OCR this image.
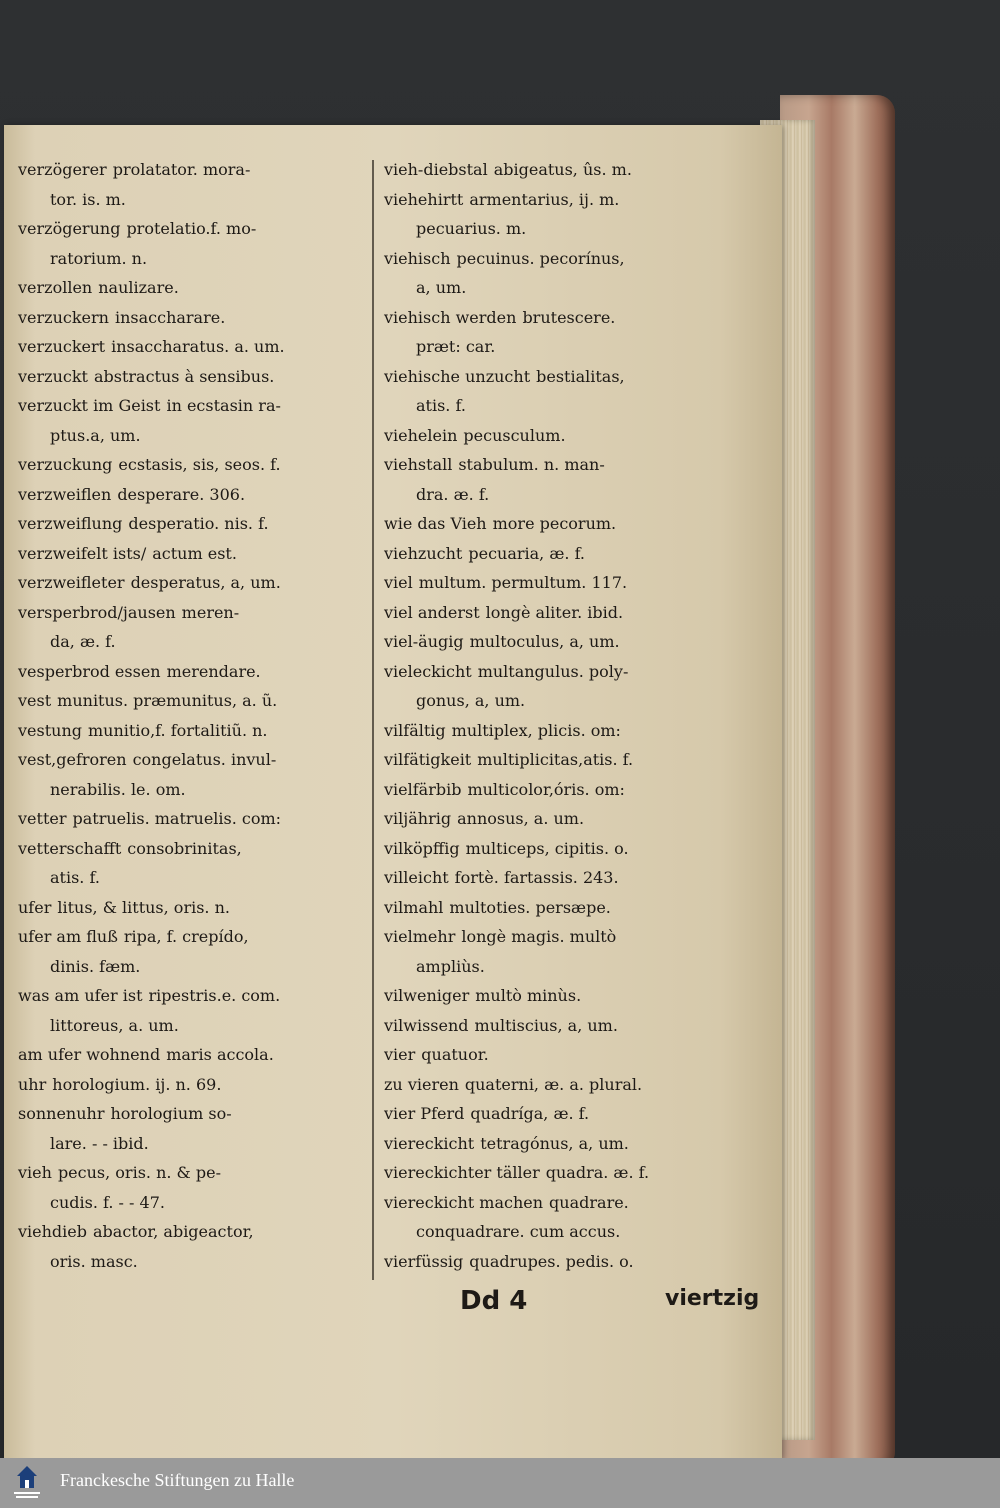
verzögerer prolatator. mora-
tor. is. m.
verzögerung protelatio.f. mo-
ratorium. n.
verzollen naulizare.
verzuckern insaccharare.
verzuckert insaccharatus. a. um.
verzuckt abstractus à sensibus.
verzuckt im Geist in ecstasin ra-
ptus.a, um.
verzuckung ecstasis, sis, seos. f.
verzweiflen desperare. 306.
verzweiflung desperatio. nis. f.
verzweifelt ists/ actum est.
verzweifleter desperatus, a, um.
versperbrod/jausen meren-
da, æ. f.
vesperbrod essen merendare.
vest munitus. præmunitus, a. ũ.
vestung munitio,f. fortalitiũ. n.
vest,gefroren congelatus. invul-
nerabilis. le. om.
vetter patruelis. matruelis. com:
vetterschafft consobrinitas,
atis. f.
ufer litus, & littus, oris. n.
ufer am fluß ripa, f. crepído,
dinis. fæm.
was am ufer ist ripestris.e. com.
littoreus, a. um.
am ufer wohnend maris accola.
uhr horologium. ij. n. 69.
sonnenuhr horologium so-
lare. - - ibid.
vieh pecus, oris. n. & pe-
cudis. f. - - 47.
viehdieb abactor, abigeactor,
oris. masc.
vieh-diebstal abigeatus, ûs. m.
viehehirtt armentarius, ij. m.
pecuarius. m.
viehisch pecuinus. pecorínus,
a, um.
viehisch werden brutescere.
præt: car.
viehische unzucht bestialitas,
atis. f.
viehelein pecusculum.
viehstall stabulum. n. man-
dra. æ. f.
wie das Vieh more pecorum.
viehzucht pecuaria, æ. f.
viel multum. permultum. 117.
viel anderst longè aliter. ibid.
viel-äugig multoculus, a, um.
vieleckicht multangulus. poly-
gonus, a, um.
vilfältig multiplex, plicis. om:
vilfätigkeit multiplicitas,atis. f.
vielfärbib multicolor,óris. om:
viljährig annosus, a. um.
vilköpffig multiceps, cipitis. o.
villeicht fortè. fartassis. 243.
vilmahl multoties. persæpe.
vielmehr longè magis. multò
ampliùs.
vilweniger multò minùs.
vilwissend multiscius, a, um.
vier quatuor.
zu vieren quaterni, æ. a. plural.
vier Pferd quadríga, æ. f.
viereckicht tetragónus, a, um.
viereckichter täller quadra. æ. f.
viereckicht machen quadrare.
conquadrare. cum accus.
vierfüssig quadrupes. pedis. o.
Dd 4	viertzig
Franckesche Stiftungen zu Halle
